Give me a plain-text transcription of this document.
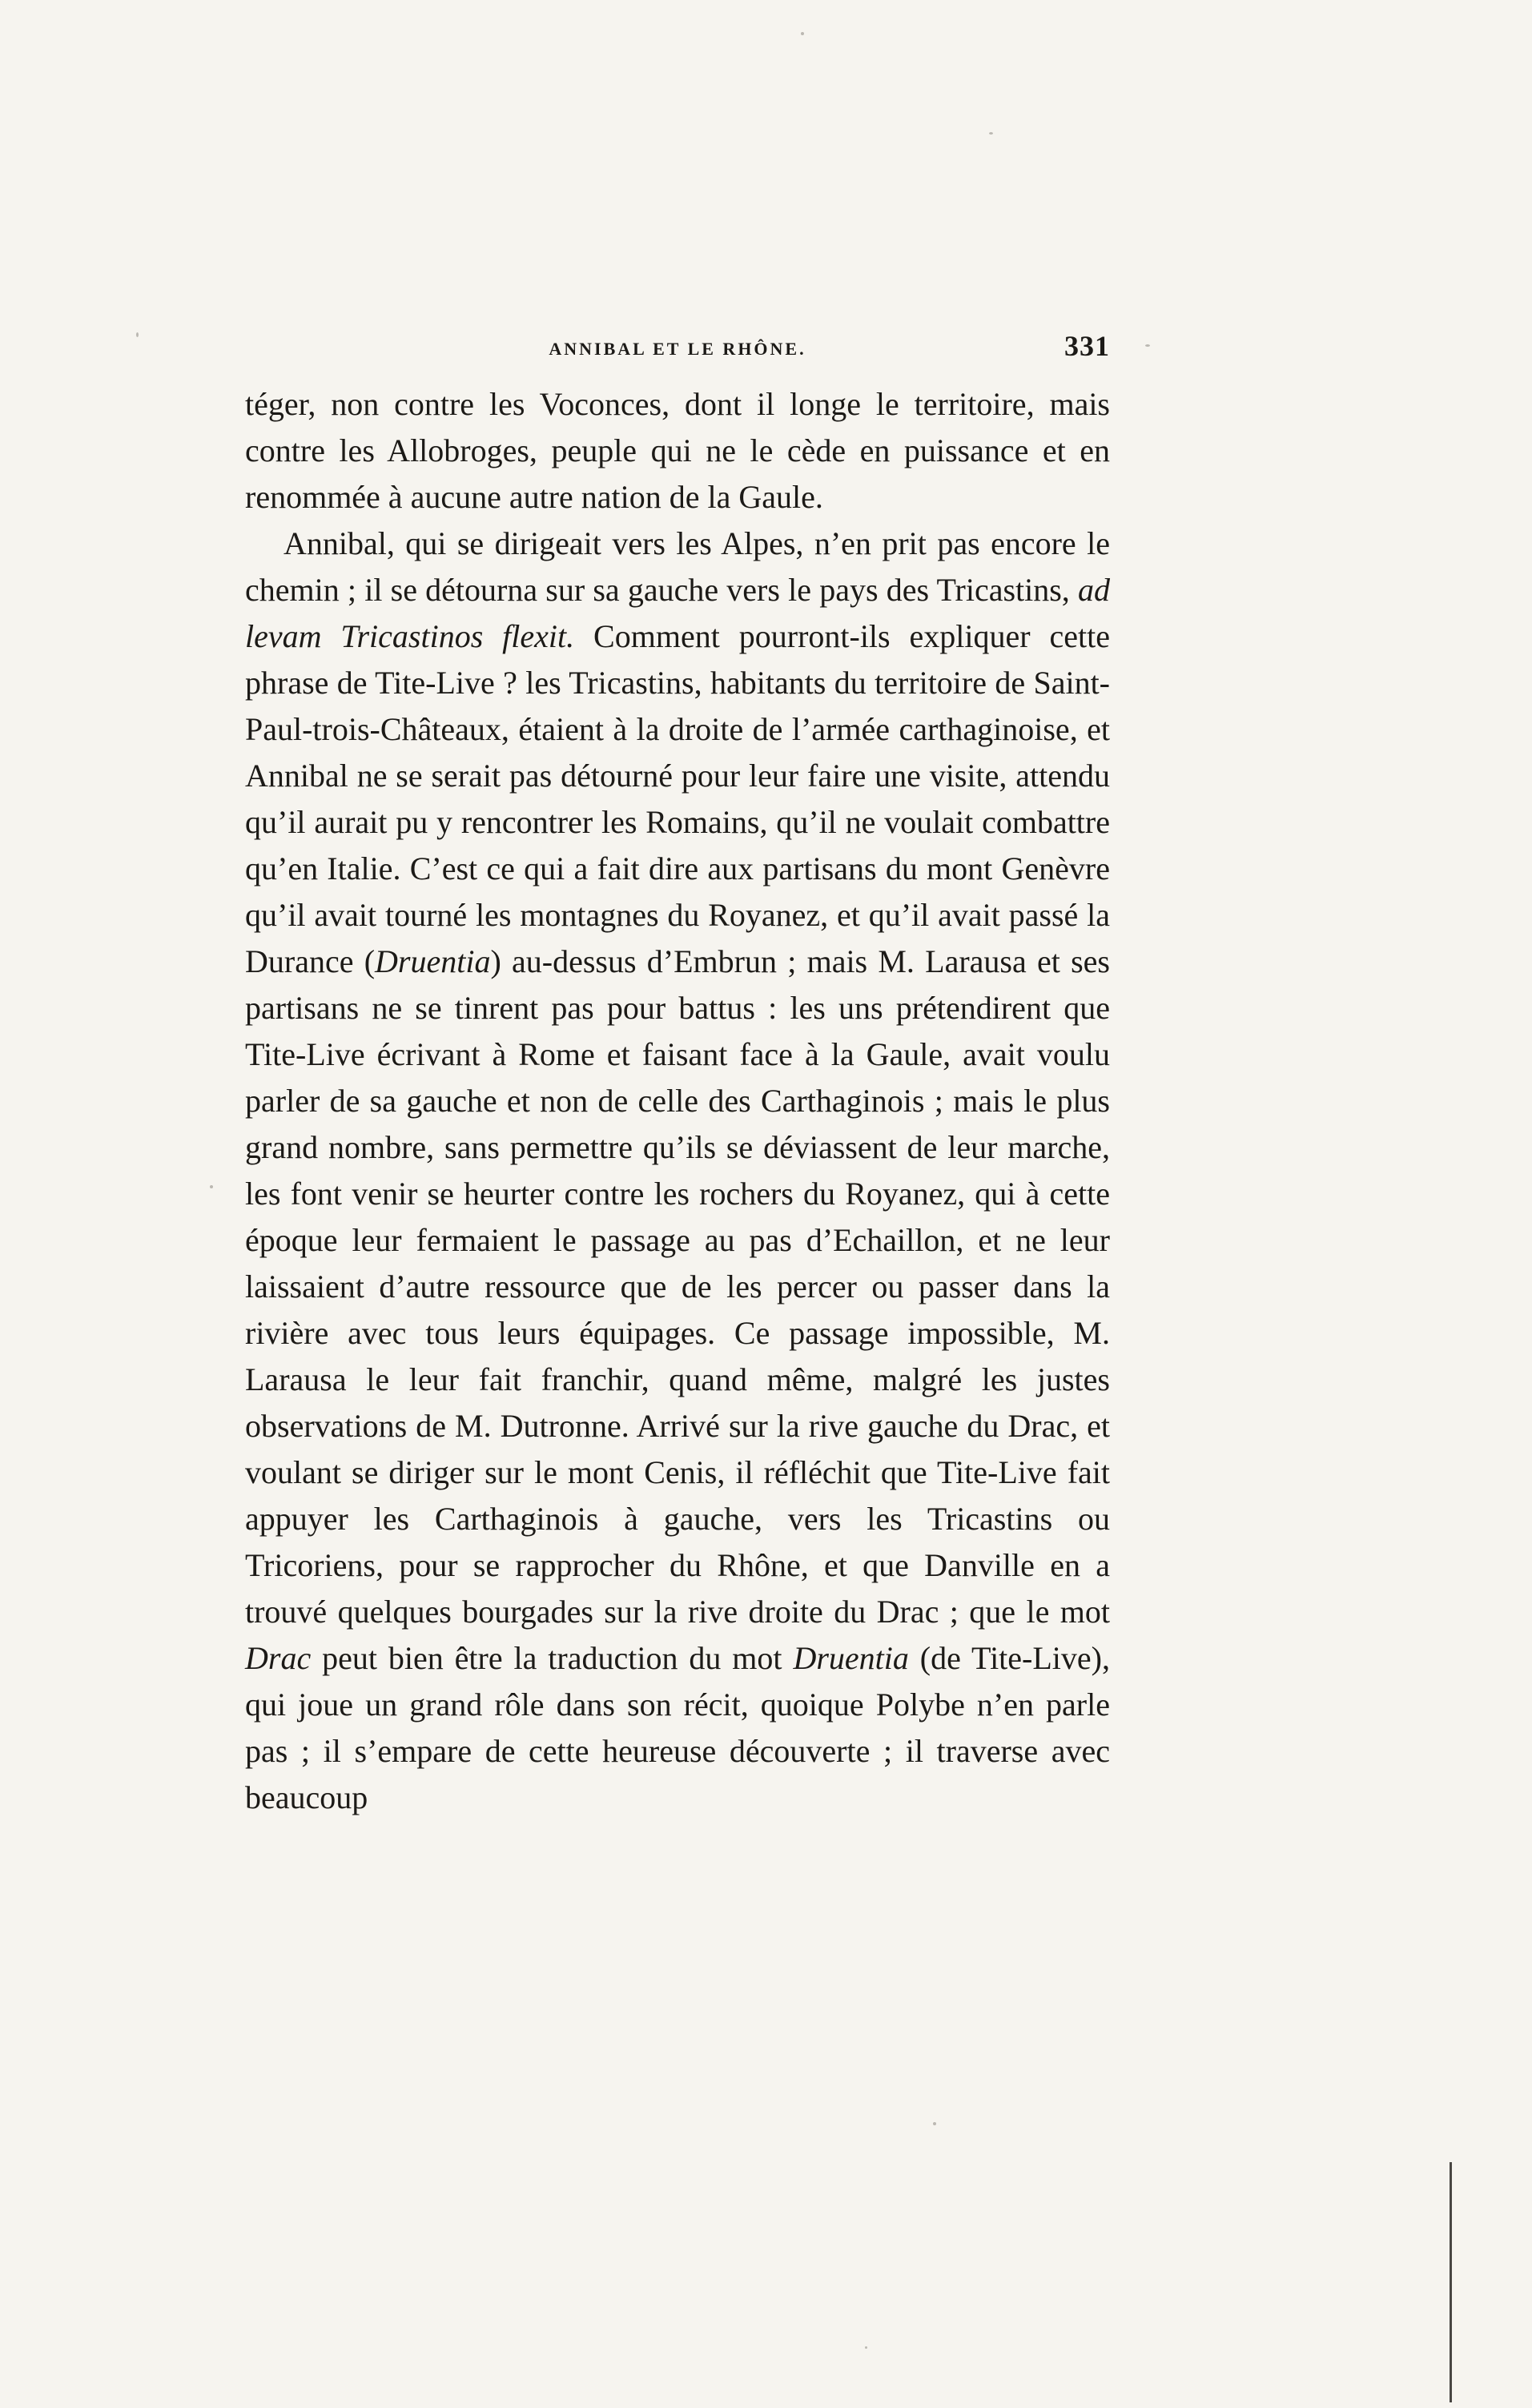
ANNIBAL ET LE RHÔNE.	331

téger, non contre les Voconces, dont il longe le territoire, mais contre les Allobroges, peuple qui ne le cède en puissance et en renommée à aucune autre nation de la Gaule.

Annibal, qui se dirigeait vers les Alpes, n’en prit pas encore le chemin ; il se détourna sur sa gauche vers le pays des Tricastins, ad levam Tricastinos flexit. Comment pourront-ils expliquer cette phrase de Tite-Live ? les Tricastins, habitants du territoire de Saint-Paul-trois-Châteaux, étaient à la droite de l’armée carthaginoise, et Annibal ne se serait pas détourné pour leur faire une visite, attendu qu’il aurait pu y rencontrer les Romains, qu’il ne voulait combattre qu’en Italie. C’est ce qui a fait dire aux partisans du mont Genèvre qu’il avait tourné les montagnes du Royanez, et qu’il avait passé la Durance (Druentia) au-dessus d’Embrun ; mais M. Larausa et ses partisans ne se tinrent pas pour battus : les uns prétendirent que Tite-Live écrivant à Rome et faisant face à la Gaule, avait voulu parler de sa gauche et non de celle des Carthaginois ; mais le plus grand nombre, sans permettre qu’ils se déviassent de leur marche, les font venir se heurter contre les rochers du Royanez, qui à cette époque leur fermaient le passage au pas d’Echaillon, et ne leur laissaient d’autre ressource que de les percer ou passer dans la rivière avec tous leurs équipages. Ce passage impossible, M. Larausa le leur fait franchir, quand même, malgré les justes observations de M. Dutronne. Arrivé sur la rive gauche du Drac, et voulant se diriger sur le mont Cenis, il réfléchit que Tite-Live fait appuyer les Carthaginois à gauche, vers les Tricastins ou Tricoriens, pour se rapprocher du Rhône, et que Danville en a trouvé quelques bourgades sur la rive droite du Drac ; que le mot Drac peut bien être la traduction du mot Druentia (de Tite-Live), qui joue un grand rôle dans son récit, quoique Polybe n’en parle pas ; il s’empare de cette heureuse découverte ; il traverse avec beaucoup
